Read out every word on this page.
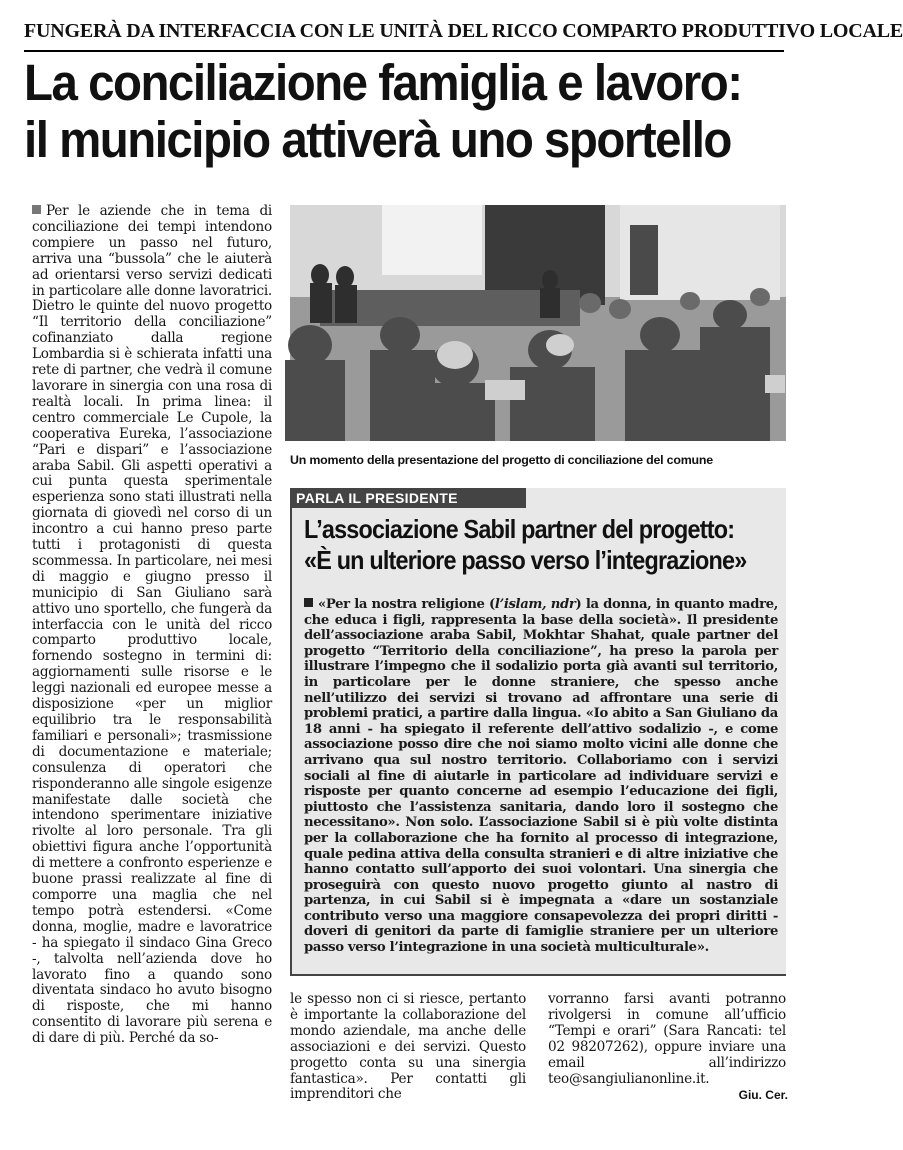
FUNGERÀ DA INTERFACCIA CON LE UNITÀ DEL RICCO COMPARTO PRODUTTIVO LOCALE
La conciliazione famiglia e lavoro:
il municipio attiverà uno sportello
Per le aziende che in tema di conciliazione dei tempi intendono compiere un passo nel futuro, arriva una “bussola” che le aiuterà ad orientarsi verso servizi dedicati in particolare alle donne lavoratrici. Dietro le quinte del nuovo progetto “Il territorio della conciliazione” cofinanziato dalla regione Lombardia si è schierata infatti una rete di partner, che vedrà il comune lavorare in sinergia con una rosa di realtà locali. In prima linea: il centro commerciale Le Cupole, la cooperativa Eureka, l’associazione “Pari e dispari” e l’associazione araba Sabil. Gli aspetti operativi a cui punta questa sperimentale esperienza sono stati illustrati nella giornata di giovedì nel corso di un incontro a cui hanno preso parte tutti i protagonisti di questa scommessa. In particolare, nei mesi di maggio e giugno presso il municipio di San Giuliano sarà attivo uno sportello, che fungerà da interfaccia con le unità del ricco comparto produttivo locale, fornendo sostegno in termini di: aggiornamenti sulle risorse e le leggi nazionali ed europee messe a disposizione «per un miglior equilibrio tra le responsabilità familiari e personali»; trasmissione di documentazione e materiale; consulenza di operatori che risponderanno alle singole esigenze manifestate dalle società che intendono sperimentare iniziative rivolte al loro personale. Tra gli obiettivi figura anche l’opportunità di mettere a confronto esperienze e buone prassi realizzate al fine di comporre una maglia che nel tempo potrà estendersi. «Come donna, moglie, madre e lavoratrice - ha spiegato il sindaco Gina Greco -, talvolta nell’azienda dove ho lavorato fino a quando sono diventata sindaco ho avuto bisogno di risposte, che mi hanno consentito di lavorare più serena e di dare di più. Perché da so-
Un momento della presentazione del progetto di conciliazione del comune
PARLA IL PRESIDENTE
L’associazione Sabil partner del progetto:
«È un ulteriore passo verso l’integrazione»
«Per la nostra religione (l’islam, ndr) la donna, in quanto madre, che educa i figli, rappresenta la base della società». Il presidente dell’associazione araba Sabil, Mokhtar Shahat, quale partner del progetto “Territorio della conciliazione”, ha preso la parola per illustrare l’impegno che il sodalizio porta già avanti sul territorio, in particolare per le donne straniere, che spesso anche nell’utilizzo dei servizi si trovano ad affrontare una serie di problemi pratici, a partire dalla lingua. «Io abito a San Giuliano da 18 anni - ha spiegato il referente dell’attivo sodalizio -, e come associazione posso dire che noi siamo molto vicini alle donne che arrivano qua sul nostro territorio. Collaboriamo con i servizi sociali al fine di aiutarle in particolare ad individuare servizi e risposte per quanto concerne ad esempio l’educazione dei figli, piuttosto che l’assistenza sanitaria, dando loro il sostegno che necessitano». Non solo. L’associazione Sabil si è più volte distinta per la collaborazione che ha fornito al processo di integrazione, quale pedina attiva della consulta stranieri e di altre iniziative che hanno contatto sull’apporto dei suoi volontari. Una sinergia che proseguirà con questo nuovo progetto giunto al nastro di partenza, in cui Sabil si è impegnata a «dare un sostanziale contributo verso una maggiore consapevolezza dei propri diritti - doveri di genitori da parte di famiglie straniere per un ulteriore passo verso l’integrazione in una società multiculturale».
le spesso non ci si riesce, pertanto è importante la collaborazione del mondo aziendale, ma anche delle associazioni e dei servizi. Questo progetto conta su una sinergia fantastica». Per contatti gli imprenditori che
vorranno farsi avanti potranno rivolgersi in comune all’ufficio “Tempi e orari” (Sara Rancati: tel 02 98207262), oppure inviare una email all’indirizzo teo@sangiulianonline.it.
Giu. Cer.
